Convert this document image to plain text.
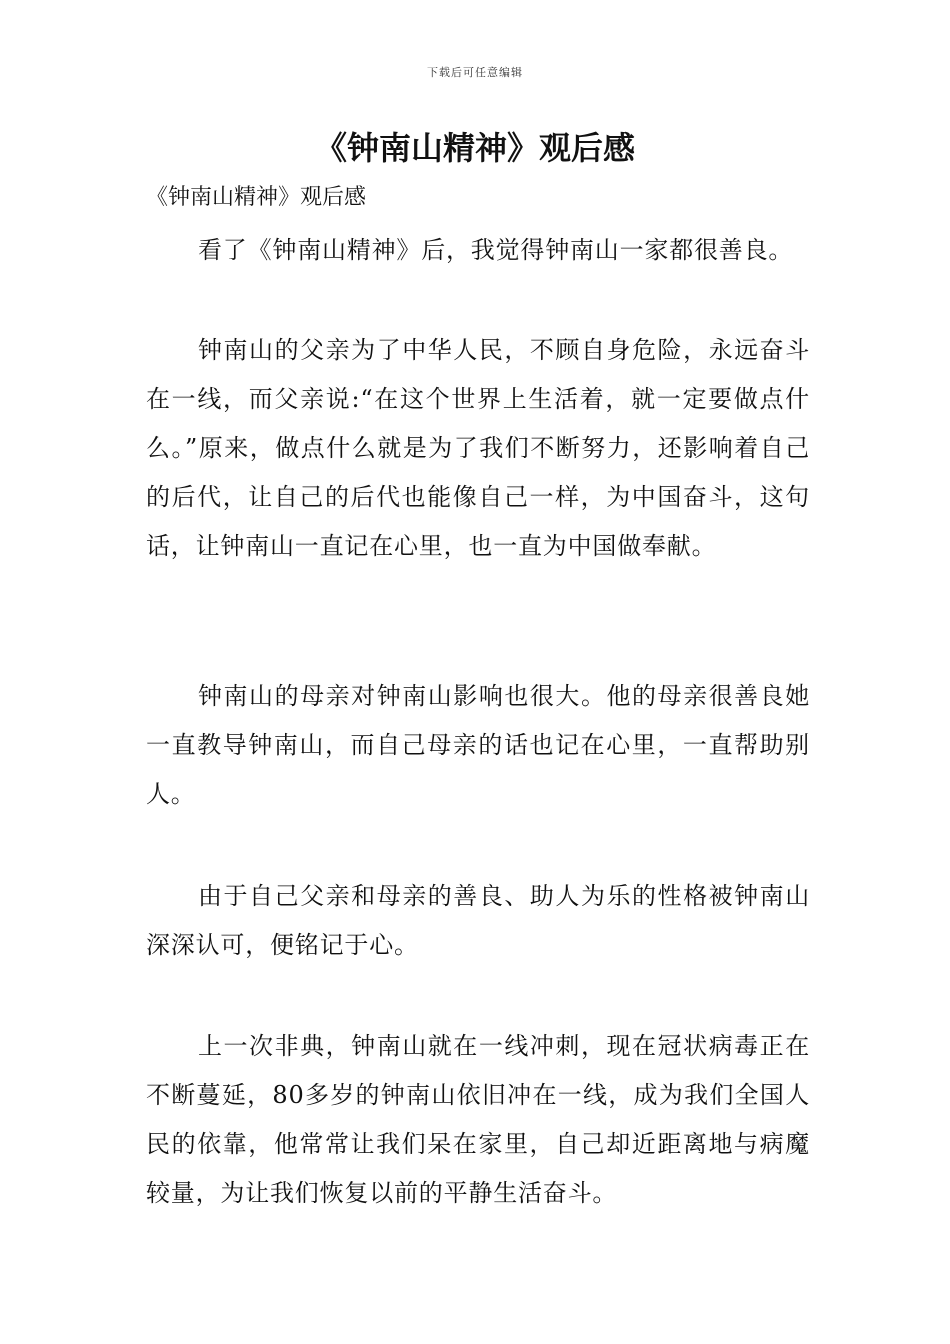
下载后可任意编辑
《钟南山精神》观后感

《钟南山精神》观后感

看了《钟南山精神》后，我觉得钟南山一家都很善良。

钟南山的父亲为了中华人民，不顾自身危险，永远奋斗在一线，而父亲说:“在这个世界上生活着，就一定要做点什么。”原来，做点什么就是为了我们不断努力，还影响着自己的后代，让自己的后代也能像自己一样，为中国奋斗，这句话，让钟南山一直记在心里，也一直为中国做奉献。

钟南山的母亲对钟南山影响也很大。他的母亲很善良她一直教导钟南山，而自己母亲的话也记在心里，一直帮助别人。

由于自己父亲和母亲的善良、助人为乐的性格被钟南山深深认可，便铭记于心。

上一次非典，钟南山就在一线冲刺，现在冠状病毒正在不断蔓延，80多岁的钟南山依旧冲在一线，成为我们全国人民的依靠，他常常让我们呆在家里，自己却近距离地与病魔较量，为让我们恢复以前的平静生活奋斗。
